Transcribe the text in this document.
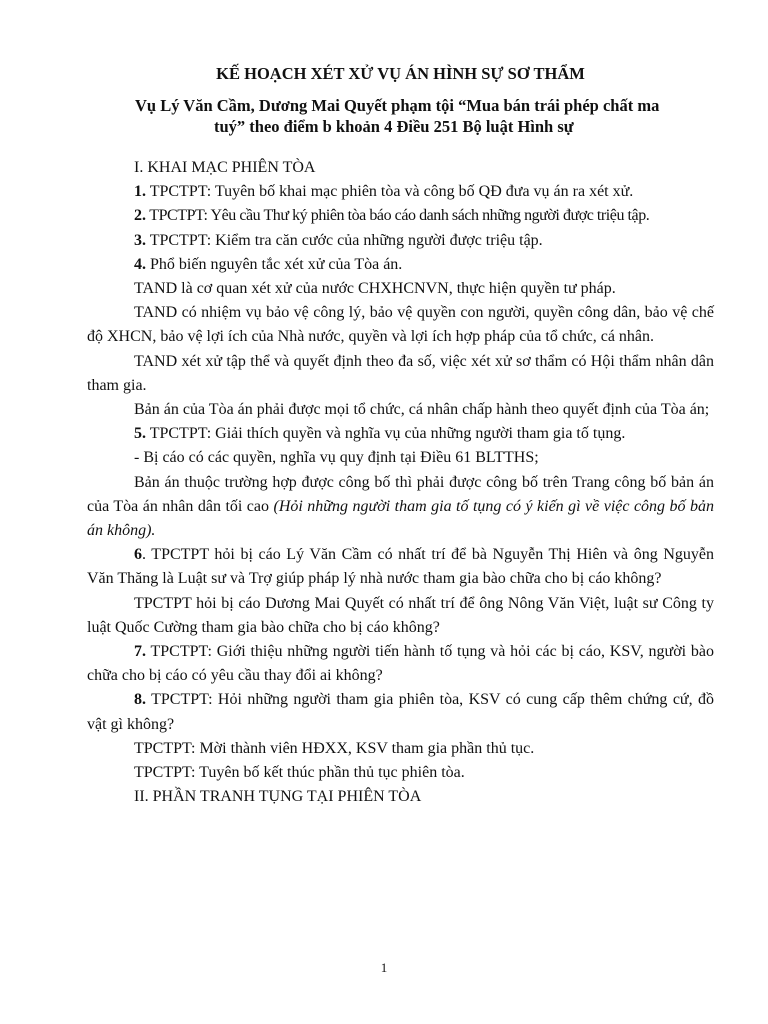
KẾ HOẠCH XÉT XỬ VỤ ÁN HÌNH SỰ SƠ THẨM
Vụ Lý Văn Cầm, Dương Mai Quyết phạm tội “Mua bán trái phép chất ma
tuý” theo điểm b khoản 4 Điều 251 Bộ luật Hình sự

I. KHAI MẠC PHIÊN TÒA

1. TPCTPT: Tuyên bố khai mạc phiên tòa và công bố QĐ đưa vụ án ra xét xử.

2. TPCTPT: Yêu cầu Thư ký phiên tòa báo cáo danh sách những người được triệu tập.

3. TPCTPT: Kiểm tra căn cước của những người được triệu tập.

4. Phổ biến nguyên tắc xét xử của Tòa án.

TAND là cơ quan xét xử của nước CHXHCNVN, thực hiện quyền tư pháp.

TAND có nhiệm vụ bảo vệ công lý, bảo vệ quyền con người, quyền công dân, bảo vệ chế độ XHCN, bảo vệ lợi ích của Nhà nước, quyền và lợi ích hợp pháp của tổ chức, cá nhân.

TAND xét xử tập thể và quyết định theo đa số, việc xét xử sơ thẩm có Hội thẩm nhân dân tham gia.

Bản án của Tòa án phải được mọi tổ chức, cá nhân chấp hành theo quyết định của Tòa án;

5. TPCTPT: Giải thích quyền và nghĩa vụ của những người tham gia tố tụng.

- Bị cáo có các quyền, nghĩa vụ quy định tại Điều 61 BLTTHS;

Bản án thuộc trường hợp được công bố thì phải được công bố trên Trang công bố bản án của Tòa án nhân dân tối cao (Hỏi những người tham gia tố tụng có ý kiến gì về việc công bố bản án không).

6. TPCTPT hỏi bị cáo Lý Văn Cầm có nhất trí để bà Nguyễn Thị Hiên và ông Nguyễn Văn Thăng là Luật sư và Trợ giúp pháp lý nhà nước tham gia bào chữa cho bị cáo không?

TPCTPT hỏi bị cáo Dương Mai Quyết có nhất trí để ông Nông Văn Việt, luật sư Công ty luật Quốc Cường tham gia bào chữa cho bị cáo không?

7. TPCTPT: Giới thiệu những người tiến hành tố tụng và hỏi các bị cáo, KSV, người bào chữa cho bị cáo có yêu cầu thay đổi ai không?

8. TPCTPT: Hỏi những người tham gia phiên tòa, KSV có cung cấp thêm chứng cứ, đồ vật gì không?

TPCTPT: Mời thành viên HĐXX, KSV tham gia phần thủ tục.

TPCTPT: Tuyên bố kết thúc phần thủ tục phiên tòa.

II. PHẦN TRANH TỤNG TẠI PHIÊN TÒA

1
